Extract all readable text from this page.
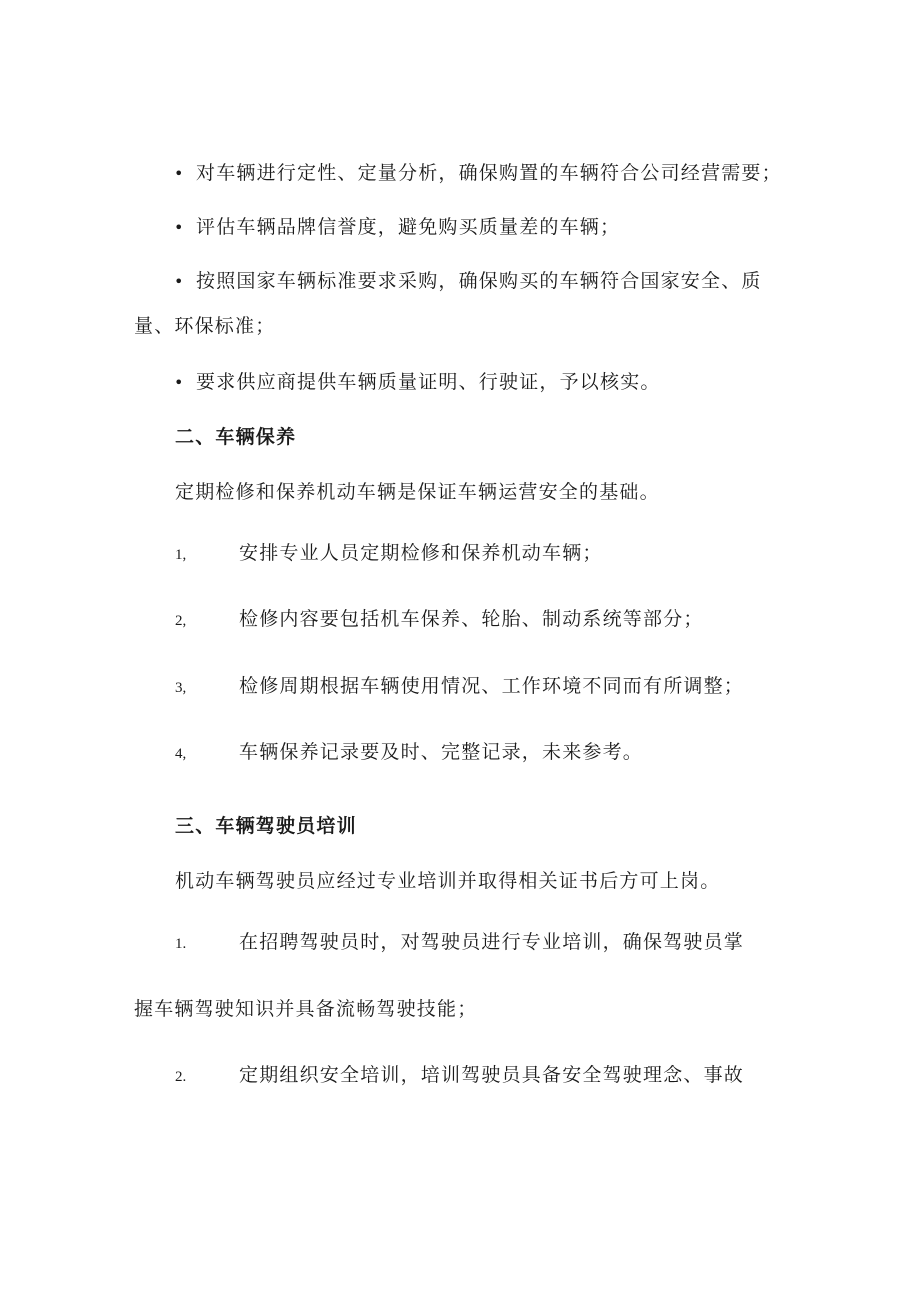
• 对车辆进行定性、定量分析，确保购置的车辆符合公司经营需要；
• 评估车辆品牌信誉度，避免购买质量差的车辆；
• 按照国家车辆标准要求采购，确保购买的车辆符合国家安全、质
量、环保标准；
• 要求供应商提供车辆质量证明、行驶证，予以核实。
二、车辆保养
定期检修和保养机动车辆是保证车辆运营安全的基础。
1,	安排专业人员定期检修和保养机动车辆；
2,	检修内容要包括机车保养、轮胎、制动系统等部分；
3,	检修周期根据车辆使用情况、工作环境不同而有所调整；
4,	车辆保养记录要及时、完整记录，未来参考。
三、车辆驾驶员培训
机动车辆驾驶员应经过专业培训并取得相关证书后方可上岗。
1.	在招聘驾驶员时，对驾驶员进行专业培训，确保驾驶员掌
握车辆驾驶知识并具备流畅驾驶技能；
2.	定期组织安全培训，培训驾驶员具备安全驾驶理念、事故
